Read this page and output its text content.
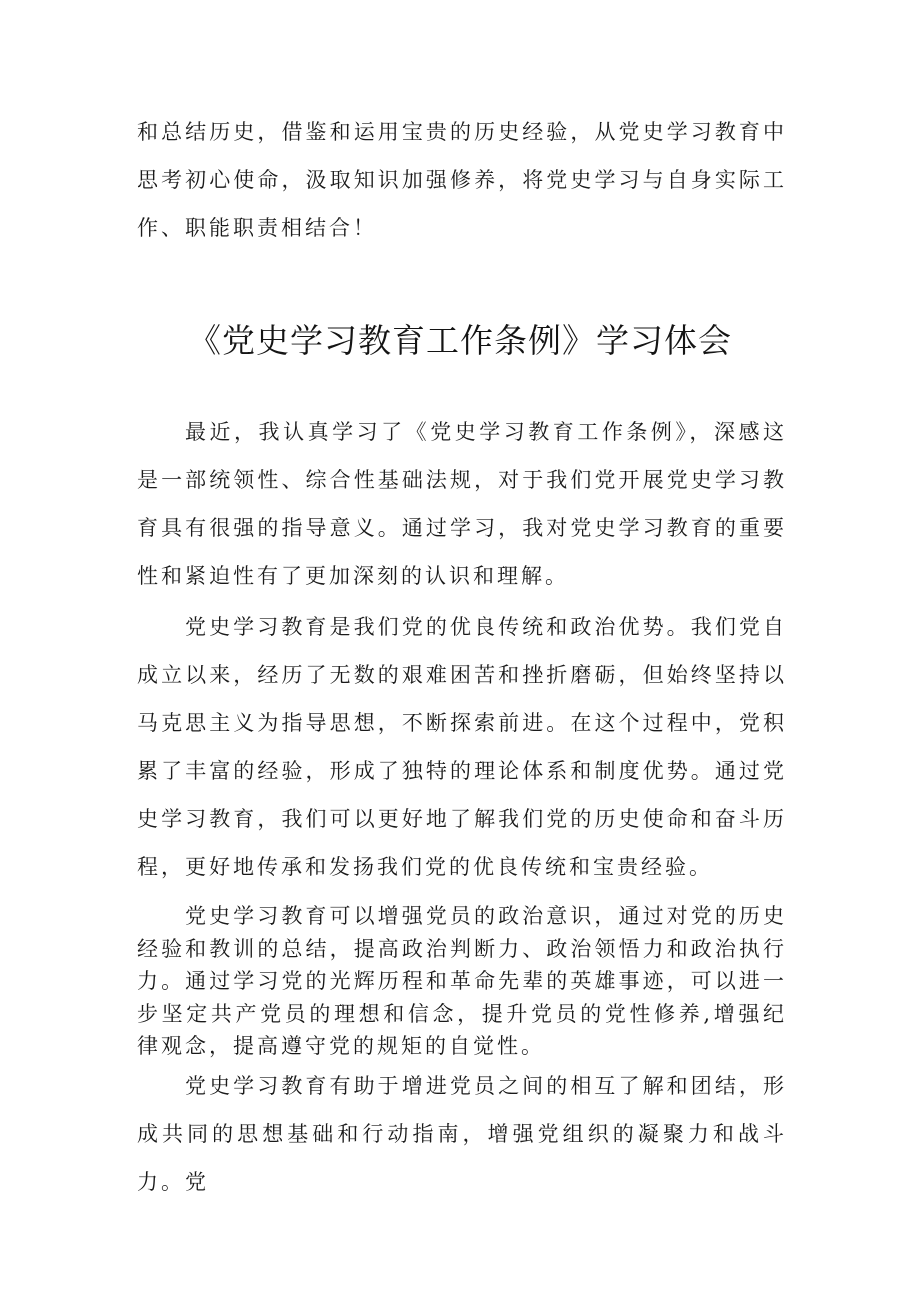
和总结历史，借鉴和运用宝贵的历史经验，从党史学习教育中思考初心使命，汲取知识加强修养，将党史学习与自身实际工作、职能职责相结合！

《党史学习教育工作条例》学习体会

最近，我认真学习了《党史学习教育工作条例》，深感这是一部统领性、综合性基础法规，对于我们党开展党史学习教育具有很强的指导意义。通过学习，我对党史学习教育的重要性和紧迫性有了更加深刻的认识和理解。

党史学习教育是我们党的优良传统和政治优势。我们党自成立以来，经历了无数的艰难困苦和挫折磨砺，但始终坚持以马克思主义为指导思想，不断探索前进。在这个过程中，党积累了丰富的经验，形成了独特的理论体系和制度优势。通过党史学习教育，我们可以更好地了解我们党的历史使命和奋斗历程，更好地传承和发扬我们党的优良传统和宝贵经验。

党史学习教育可以增强党员的政治意识，通过对党的历史经验和教训的总结，提高政治判断力、政治领悟力和政治执行力。通过学习党的光辉历程和革命先辈的英雄事迹，可以进一步坚定共产党员的理想和信念，提升党员的党性修养,增强纪律观念，提高遵守党的规矩的自觉性。

党史学习教育有助于增进党员之间的相互了解和团结，形成共同的思想基础和行动指南，增强党组织的凝聚力和战斗力。党
